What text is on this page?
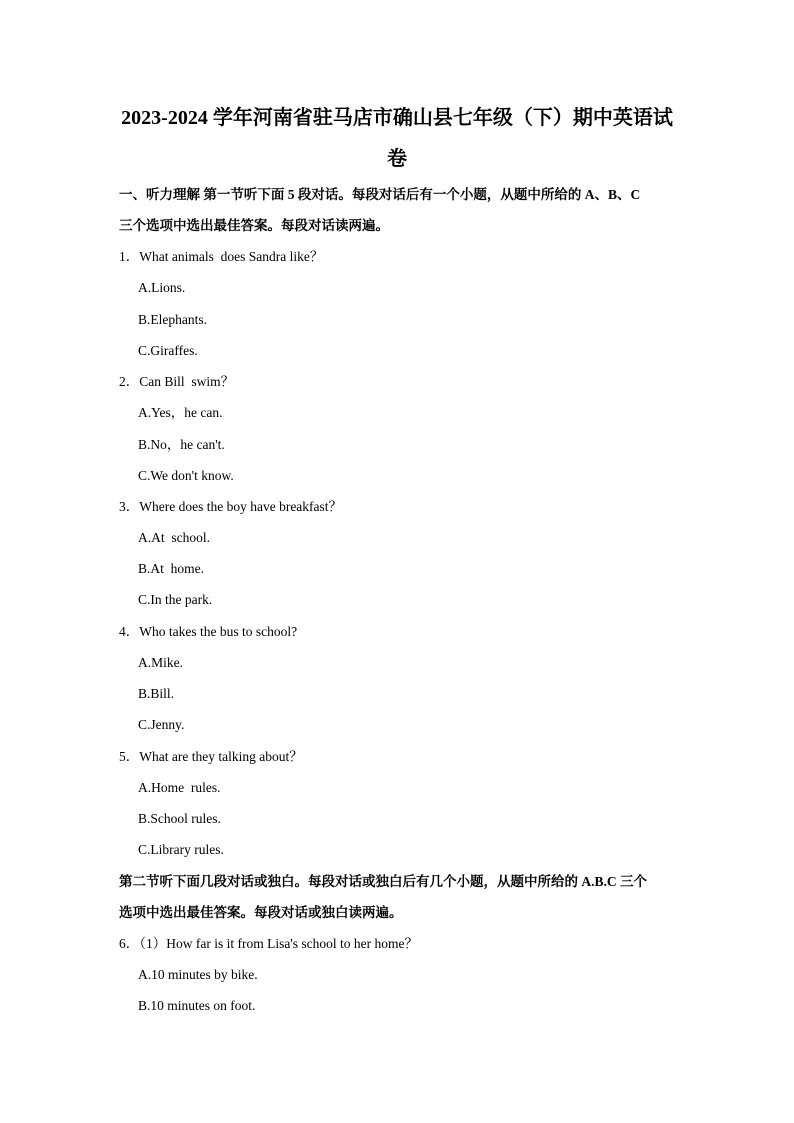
2023-2024 学年河南省驻马店市确山县七年级（下）期中英语试
卷
一、听力理解 第一节听下面 5 段对话。每段对话后有一个小题，从题中所给的 A、B、C
三个选项中选出最佳答案。每段对话读两遍。
1．What animals  does Sandra like？
A.Lions.
B.Elephants.
C.Giraffes.
2．Can Bill  swim？
A.Yes，he can.
B.No，he can't.
C.We don't know.
3．Where does the boy have breakfast？
A.At  school.
B.At  home.
C.In the park.
4．Who takes the bus to school?
A.Mike.
B.Bill.
C.Jenny.
5．What are they talking about？
A.Home  rules.
B.School rules.
C.Library rules.
第二节听下面几段对话或独白。每段对话或独白后有几个小题，从题中所给的 A.B.C 三个
选项中选出最佳答案。每段对话或独白读两遍。
6．（1）How far is it from Lisa's school to her home？
A.10 minutes by bike.
B.10 minutes on foot.
